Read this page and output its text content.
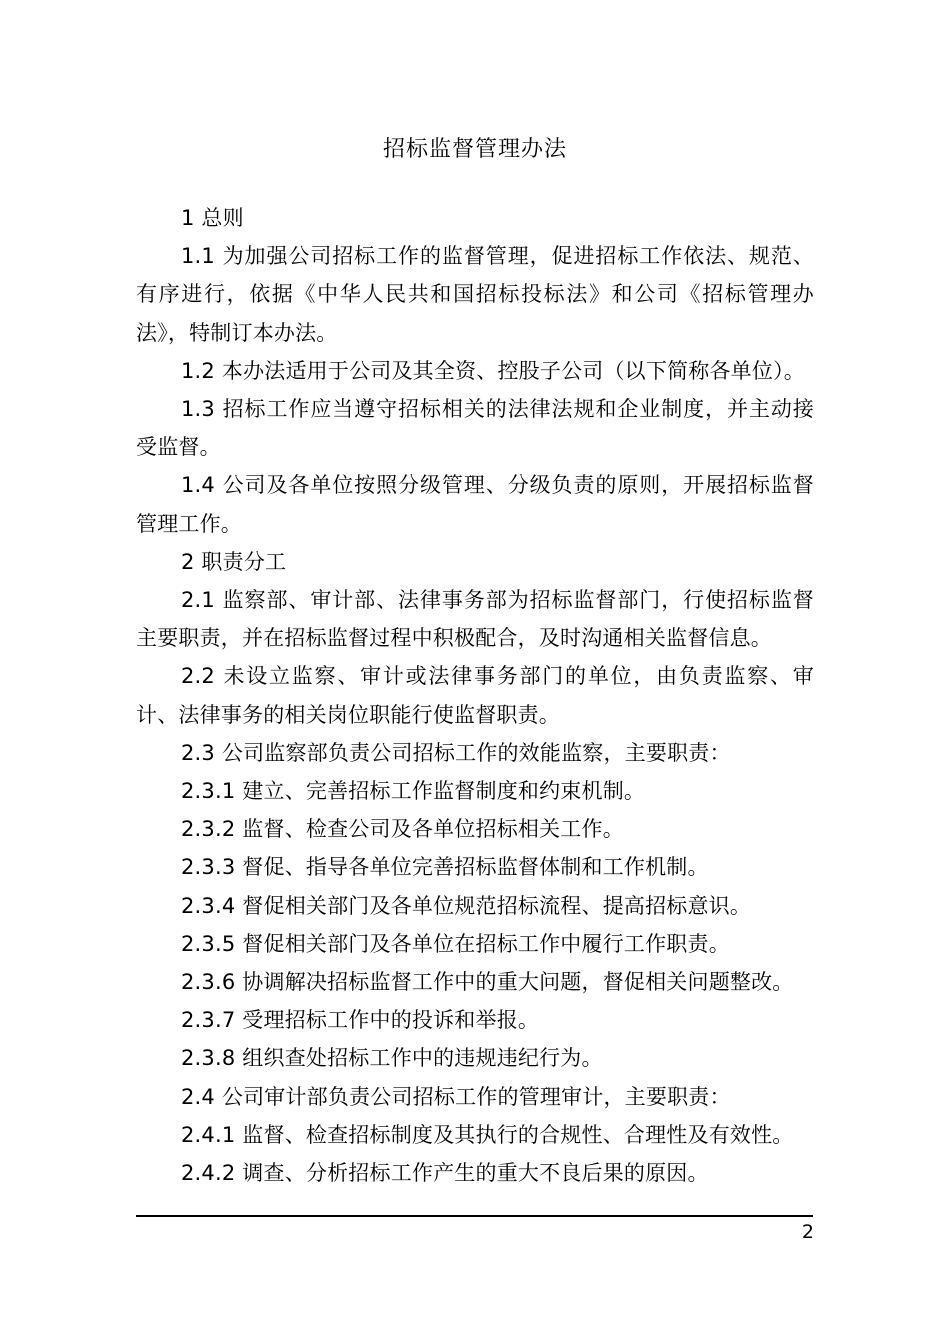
招标监督管理办法

1 总则

1.1 为加强公司招标工作的监督管理，促进招标工作依法、规范、有序进行，依据《中华人民共和国招标投标法》和公司《招标管理办法》，特制订本办法。

1.2 本办法适用于公司及其全资、控股子公司（以下简称各单位）。

1.3 招标工作应当遵守招标相关的法律法规和企业制度，并主动接受监督。

1.4 公司及各单位按照分级管理、分级负责的原则，开展招标监督管理工作。

2 职责分工

2.1 监察部、审计部、法律事务部为招标监督部门，行使招标监督主要职责，并在招标监督过程中积极配合，及时沟通相关监督信息。

2.2 未设立监察、审计或法律事务部门的单位，由负责监察、审计、法律事务的相关岗位职能行使监督职责。

2.3 公司监察部负责公司招标工作的效能监察，主要职责：

2.3.1 建立、完善招标工作监督制度和约束机制。

2.3.2 监督、检查公司及各单位招标相关工作。

2.3.3 督促、指导各单位完善招标监督体制和工作机制。

2.3.4 督促相关部门及各单位规范招标流程、提高招标意识。

2.3.5 督促相关部门及各单位在招标工作中履行工作职责。

2.3.6 协调解决招标监督工作中的重大问题，督促相关问题整改。

2.3.7 受理招标工作中的投诉和举报。

2.3.8 组织查处招标工作中的违规违纪行为。

2.4 公司审计部负责公司招标工作的管理审计，主要职责：

2.4.1 监督、检查招标制度及其执行的合规性、合理性及有效性。

2.4.2 调查、分析招标工作产生的重大不良后果的原因。

2
